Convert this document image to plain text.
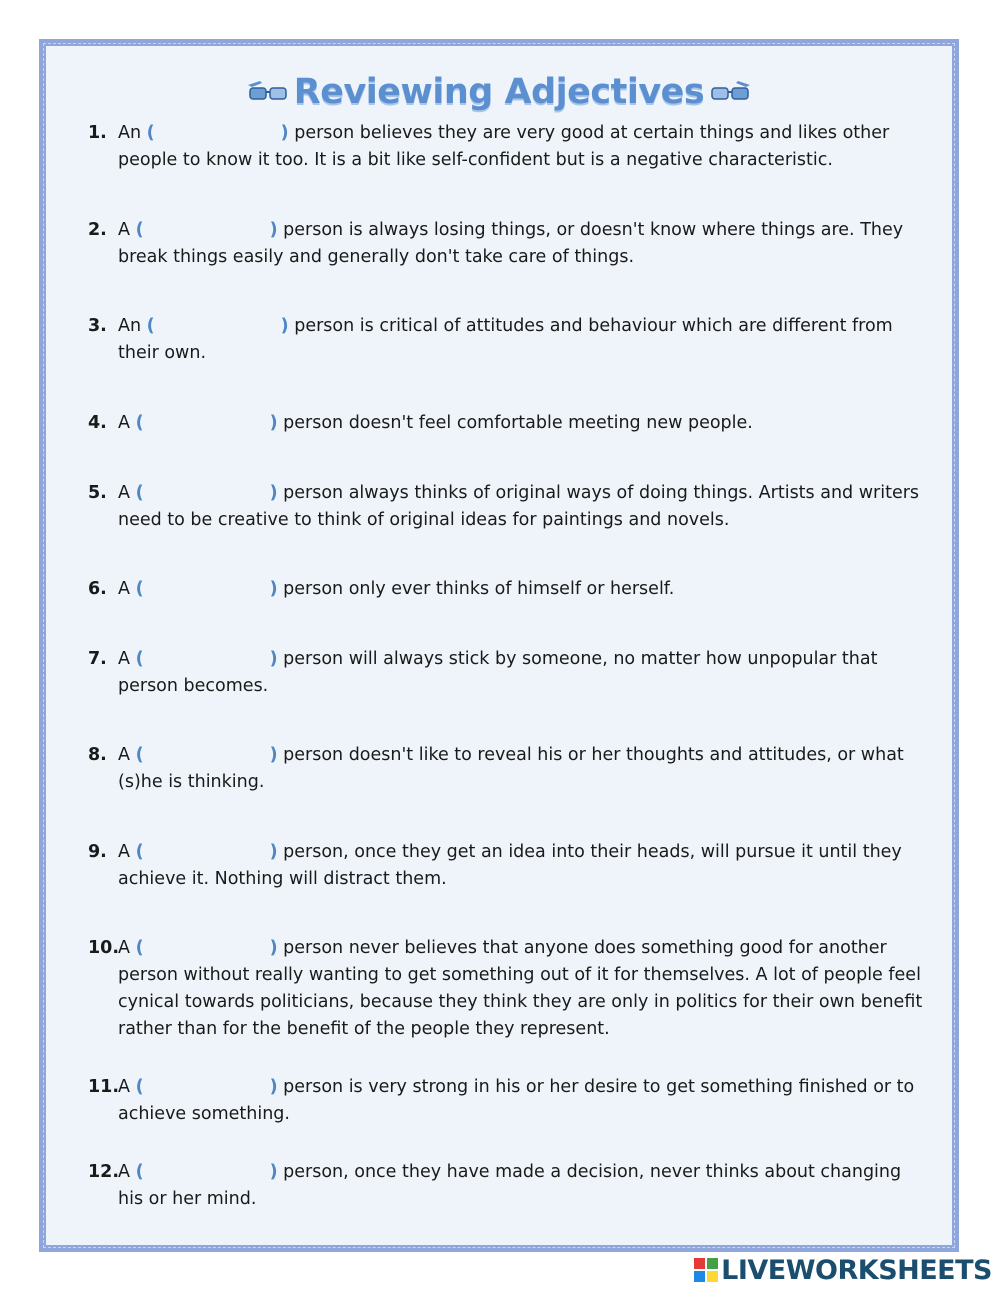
Reviewing Adjectives
1. An (	) person believes they are very good at certain things and likes other people to know it too. It is a bit like self-confident but is a negative characteristic.
2. A (	) person is always losing things, or doesn't know where things are. They break things easily and generally don't take care of things.
3. An (	) person is critical of attitudes and behaviour which are different from their own.
4. A (	) person doesn't feel comfortable meeting new people.
5. A (	) person always thinks of original ways of doing things. Artists and writers need to be creative to think of original ideas for paintings and novels.
6. A (	) person only ever thinks of himself or herself.
7. A (	) person will always stick by someone, no matter how unpopular that person becomes.
8. A (	) person doesn't like to reveal his or her thoughts and attitudes, or what (s)he is thinking.
9. A (	) person, once they get an idea into their heads, will pursue it until they achieve it. Nothing will distract them.
10.
A (	) person never believes that anyone does something good for another person without really wanting to get something out of it for themselves. A lot of people feel cynical towards politicians, because they think they are only in politics for their own benefit rather than for the benefit of the people they represent.
11.
A (	) person is very strong in his or her desire to get something finished or to achieve something.
12.
A (	) person, once they have made a decision, never thinks about changing his or her mind.
LIVEWORKSHEETS
